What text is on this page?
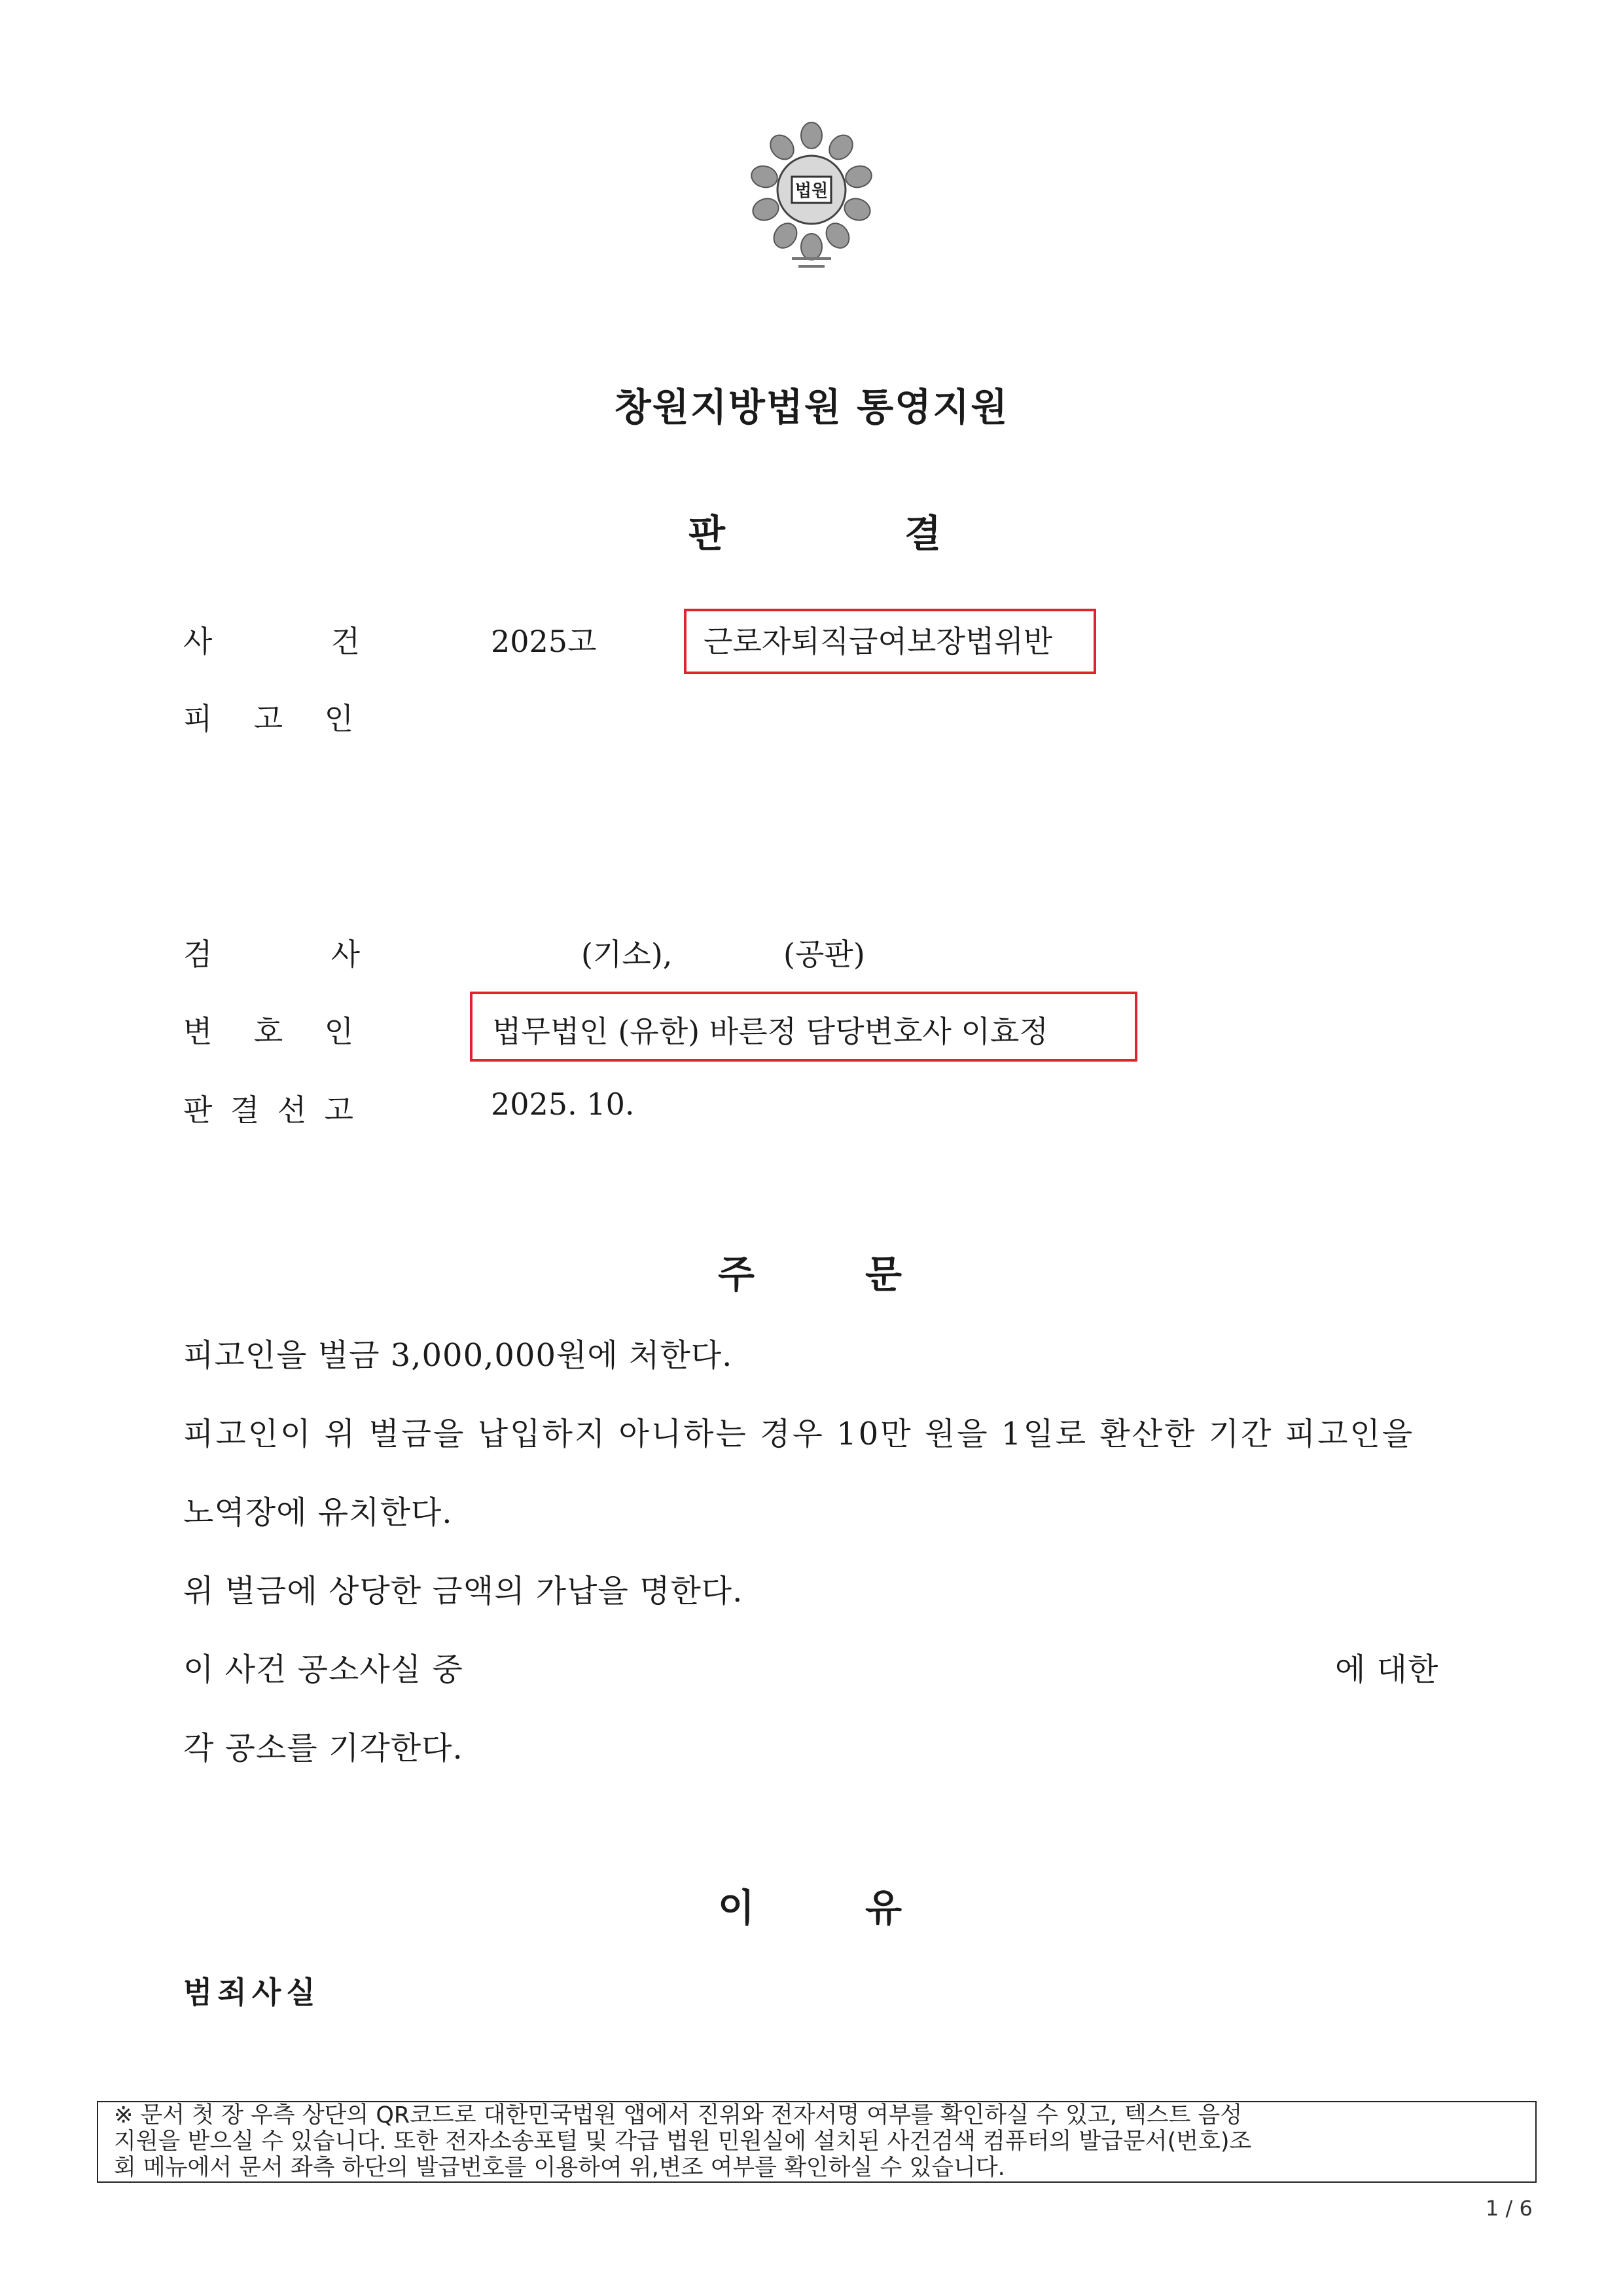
법원
창원지방법원 통영지원
판	결
사	건	2025고	근로자퇴직급여보장법위반
피 고 인
검	사	(기소),	(공판)
변 호 인	법무법인 (유한) 바른정 담당변호사 이효정
판 결 선 고	2025. 10.
주	문
피고인을 벌금 3,000,000원에 처한다.
피고인이 위 벌금을 납입하지 아니하는 경우 10만 원을 1일로 환산한 기간 피고인을
노역장에 유치한다.
위 벌금에 상당한 금액의 가납을 명한다.
이 사건 공소사실 중	에 대한
각 공소를 기각한다.
이	유
범죄사실
※ 문서 첫 장 우측 상단의 QR코드로 대한민국법원 앱에서 진위와 전자서명 여부를 확인하실 수 있고, 텍스트 음성
지원을 받으실 수 있습니다. 또한 전자소송포털 및 각급 법원 민원실에 설치된 사건검색 컴퓨터의 발급문서(번호)조
회 메뉴에서 문서 좌측 하단의 발급번호를 이용하여 위,변조 여부를 확인하실 수 있습니다.
1 / 6
